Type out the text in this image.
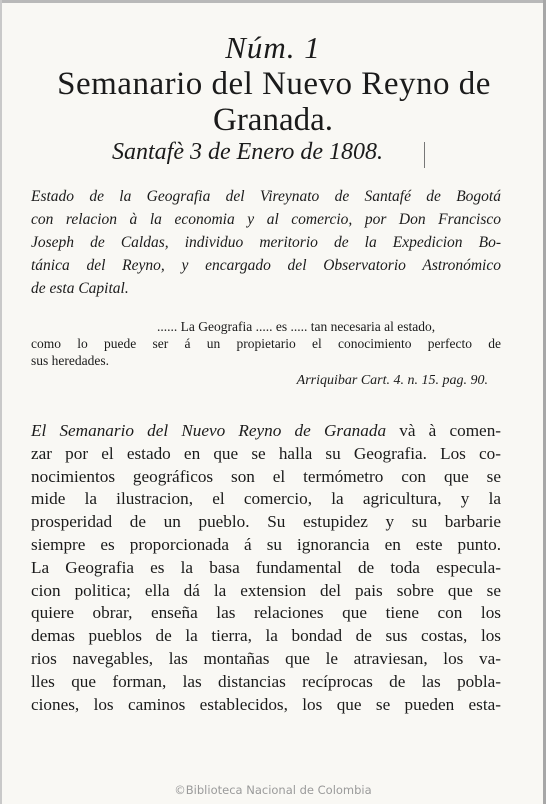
Núm. 1
Semanario del Nuevo Reyno de
Granada.
Santafè 3 de Enero de 1808.
Estado de la Geografia del Vireynato de Santafé de Bogotá
con relacion à la economia y al comercio, por Don Francisco
Joseph de Caldas, individuo meritorio de la Expedicion Bo-
tánica del Reyno, y encargado del Observatorio Astronómico
de esta Capital.
...... La Geografia ..... es ..... tan necesaria al estado,
como lo puede ser á un propietario el conocimiento perfecto de
sus heredades.
Arriquibar Cart. 4. n. 15. pag. 90.
El Semanario del Nuevo Reyno de Granada và à comen-
zar por el estado en que se halla su Geografia. Los co-
nocimientos geográficos son el termómetro con que se
mide la ilustracion, el comercio, la agricultura, y la
prosperidad de un pueblo. Su estupidez y su barbarie
siempre es proporcionada á su ignorancia en este punto.
La Geografia es la basa fundamental de toda especula-
cion politica; ella dá la extension del pais sobre que se
quiere obrar, enseña las relaciones que tiene con los
demas pueblos de la tierra, la bondad de sus costas, los
rios navegables, las montañas que le atraviesan, los va-
lles que forman, las distancias recíprocas de las pobla-
ciones, los caminos establecidos, los que se pueden esta-
©Biblioteca Nacional de Colombia
